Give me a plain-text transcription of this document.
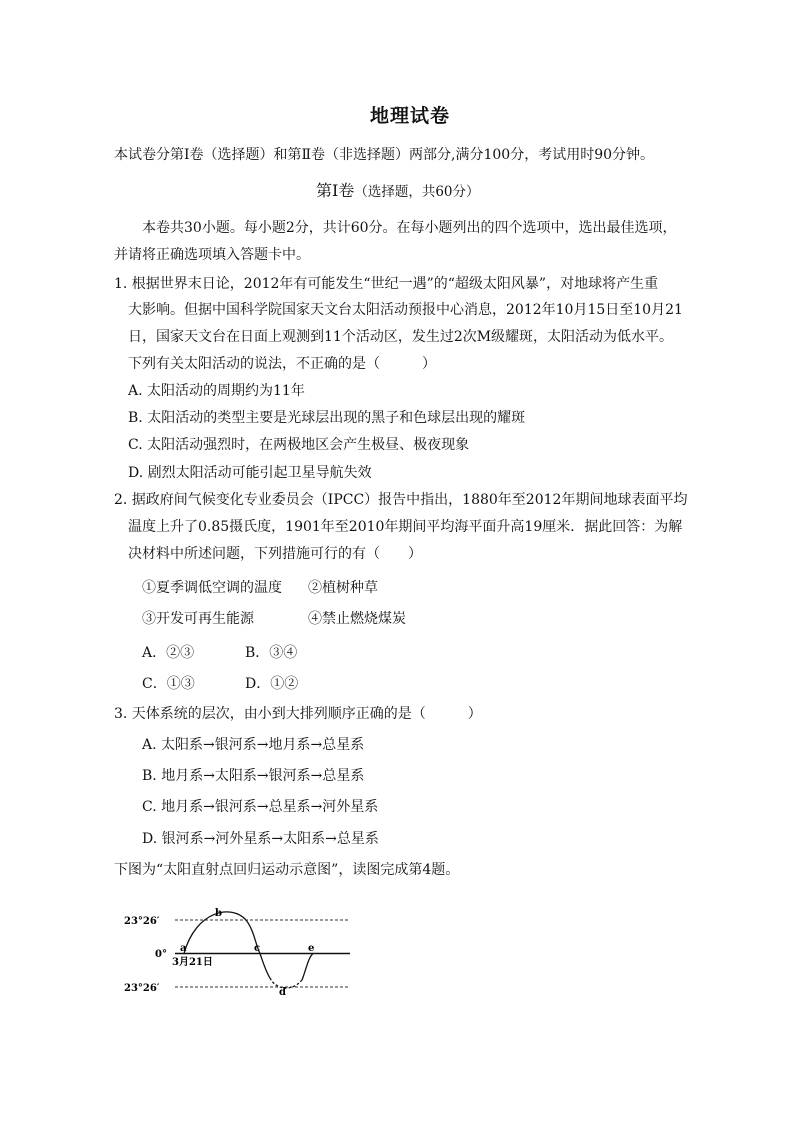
地理试卷
本试卷分第Ⅰ卷（选择题）和第Ⅱ卷（非选择题）两部分,满分100分，考试用时90分钟。
第Ⅰ卷（选择题，共60分）
本卷共30小题。每小题2分，共计60分。在每小题列出的四个选项中，选出最佳选项，
并请将正确选项填入答题卡中。
1. 根据世界末日论，2012年有可能发生“世纪一遇”的“超级太阳风暴”，对地球将产生重
大影响。但据中国科学院国家天文台太阳活动预报中心消息，2012年10月15日至10月21
日，国家天文台在日面上观测到11个活动区，发生过2次M级耀斑，太阳活动为低水平。
下列有关太阳活动的说法，不正确的是（　　　）
A. 太阳活动的周期约为11年
B. 太阳活动的类型主要是光球层出现的黑子和色球层出现的耀斑
C. 太阳活动强烈时，在两极地区会产生极昼、极夜现象
D. 剧烈太阳活动可能引起卫星导航失效
2. 据政府间气候变化专业委员会（IPCC）报告中指出，1880年至2012年期间地球表面平均
温度上升了0.85摄氏度，1901年至2010年期间平均海平面升高19厘米．据此回答：为解
决材料中所述问题，下列措施可行的有（　　）
①夏季调低空调的温度 ②植树种草
③开发可再生能源	④禁止燃烧煤炭
A．②③	B．③④
C．①③	D．①②
3. 天体系统的层次，由小到大排列顺序正确的是（　　　）
A. 太阳系→银河系→地月系→总星系
B. 地月系→太阳系→银河系→总星系
C. 地月系→银河系→总星系→河外星系
D. 银河系→河外星系→太阳系→总星系
下图为“太阳直射点回归运动示意图”，读图完成第4题。
23°26′
0°
23°26′
3月21日
a
b
c
d
e
